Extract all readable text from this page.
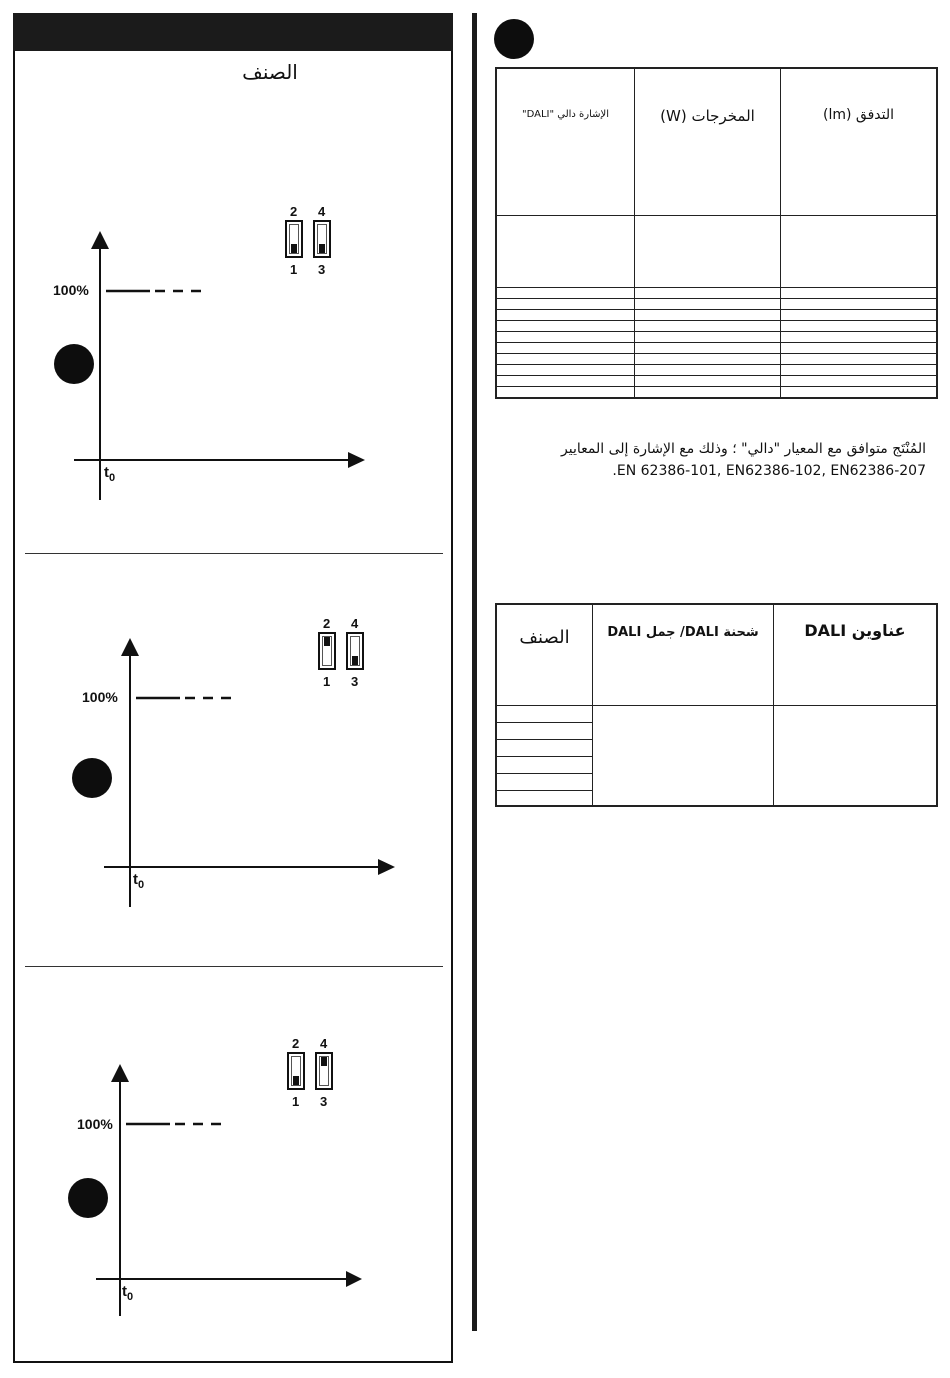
الصنف
2 4
1 3
100%
$t_0$
2 4
1 3
100%
$t_0$
2 4
1 3
100%
$t_0$
الإشارة دالي "DALI"	المخرجات (W)	التدفق (lm)

المُنْتَج متوافق مع المعيار "دالي" ؛ وذلك مع الإشارة إلى المعايير
.EN 62386-101, EN62386-102, EN62386-207
الصنف	شحنة DALI/ جمل DALI	عناوين DALI
